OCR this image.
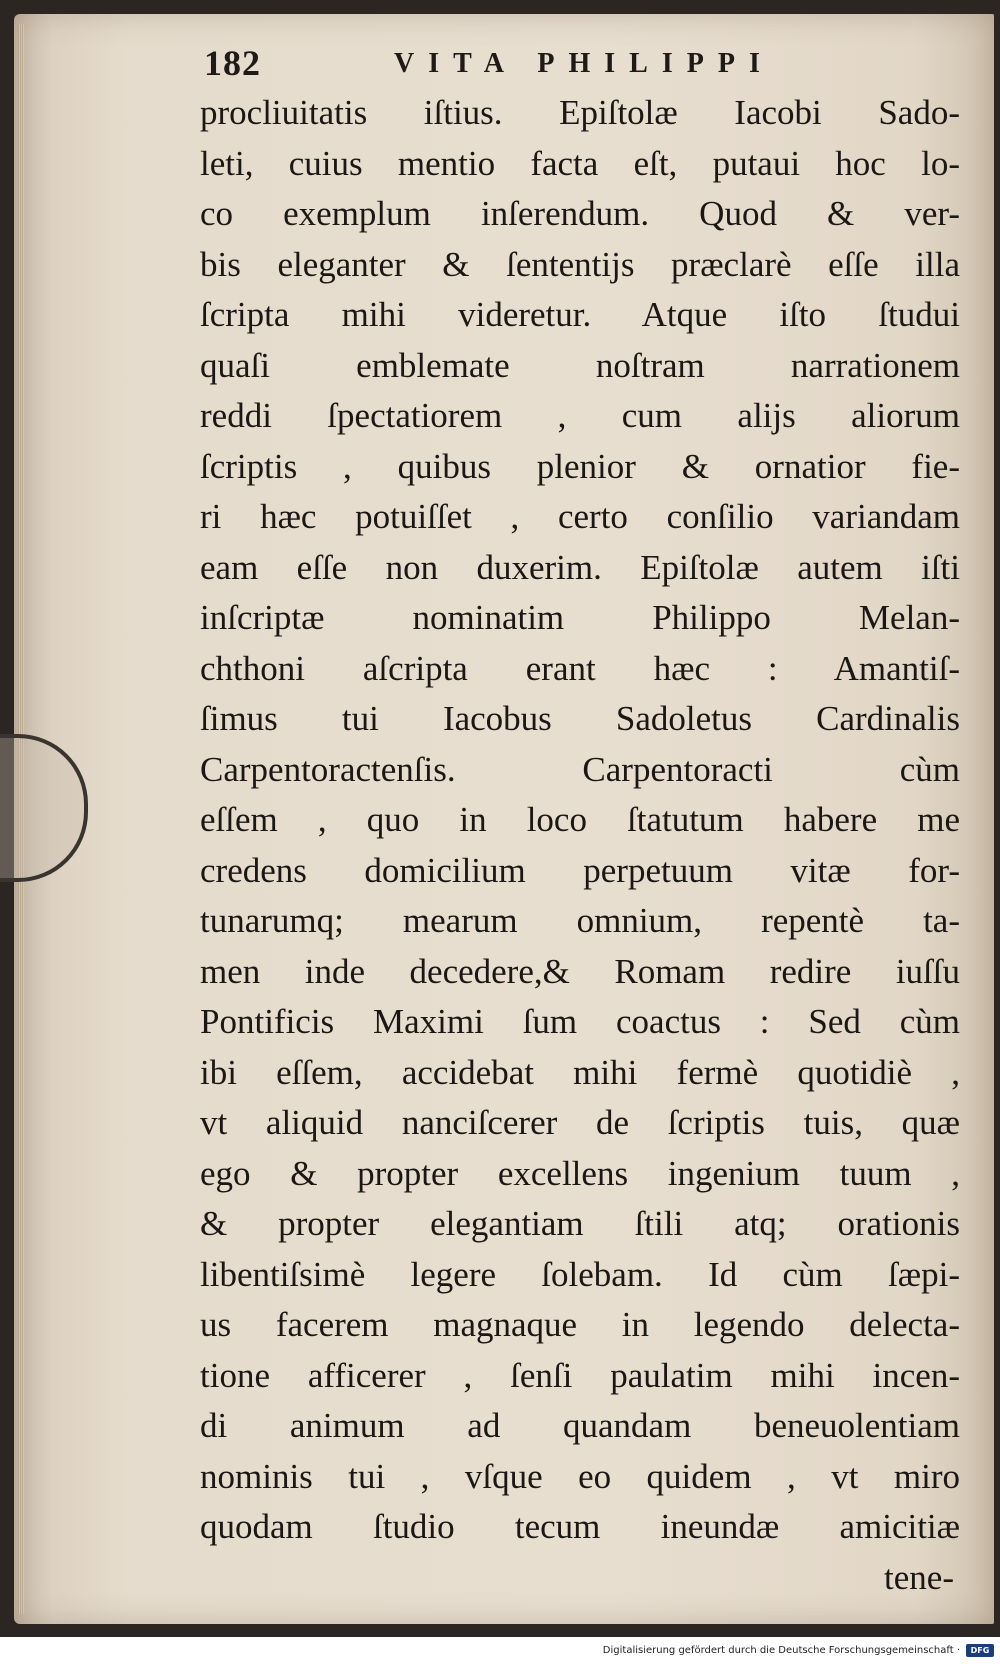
182	VITA PHILIPPI
procliuitatis iſtius. Epiſtolæ Iacobi Sado-
leti, cuius mentio facta eſt, putaui hoc lo-
co exemplum inſerendum. Quod & ver-
bis eleganter & ſententijs præclarè eſſe illa
ſcripta mihi videretur. Atque iſto ſtudui
quaſi emblemate noſtram narrationem
reddi ſpectatiorem , cum alijs aliorum
ſcriptis , quibus plenior & ornatior fie-
ri hæc potuiſſet , certo conſilio variandam
eam eſſe non duxerim. Epiſtolæ autem iſti
inſcriptæ nominatim Philippo Melan-
chthoni aſcripta erant hæc : Amantiſ-
ſimus tui Iacobus Sadoletus Cardinalis
Carpentoractenſis. Carpentoracti cùm
eſſem , quo in loco ſtatutum habere me
credens domicilium perpetuum vitæ for-
tunarumq; mearum omnium, repentè ta-
men inde decedere,& Romam redire iuſſu
Pontificis Maximi ſum coactus : Sed cùm
ibi eſſem, accidebat mihi fermè quotidiè ,
vt aliquid nanciſcerer de ſcriptis tuis, quæ
ego & propter excellens ingenium tuum ,
& propter elegantiam ſtili atq; orationis
libentiſsimè legere ſolebam. Id cùm ſæpi-
us facerem magnaque in legendo delecta-
tione afficerer , ſenſi paulatim mihi incen-
di animum ad quandam beneuolentiam
nominis tui , vſque eo quidem , vt miro
quodam ſtudio tecum ineundæ amicitiæ
tene-
Digitalisierung gefördert durch die Deutsche Forschungsgemeinschaft ·	DFG
